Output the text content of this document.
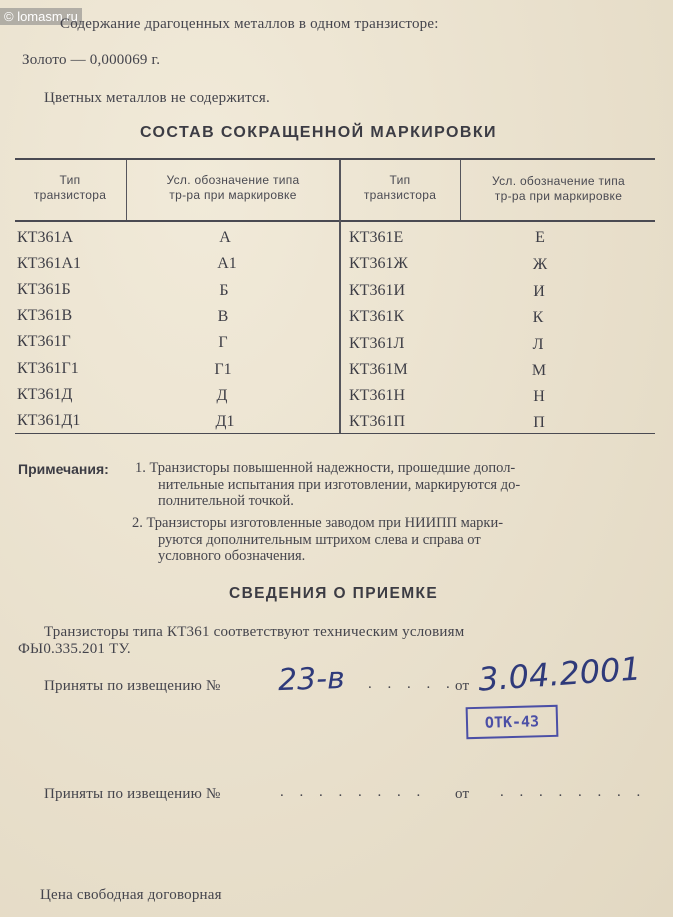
© lomasm.ru
Содержание драгоценных металлов в одном транзисторе:
Золото — 0,000069 г.
Цветных металлов не содержится.
СОСТАВ СОКРАЩЕННОЙ МАРКИРОВКИ
Тип
транзистора
Усл. обозначение типа
тр-ра при маркировке
Тип
транзистора
Усл. обозначение типа
тр-ра при маркировке
КТ361А	А	КТ361Е	Е
КТ361А1	А1	КТ361Ж	Ж
КТ361Б	Б	КТ361И	И
КТ361В	В	КТ361К	К
КТ361Г	Г	КТ361Л	Л
КТ361Г1	Г1	КТ361М	М
КТ361Д	Д	КТ361Н	Н
КТ361Д1	Д1	КТ361П	П
Примечания: 1. Транзисторы повышенной надежности, прошедшие допол-
нительные испытания при изготовлении, маркируются до-
полнительной точкой.
2. Транзисторы изготовленные заводом при НИИПП марки-
руются дополнительным штрихом слева и справа от
условного обозначения.
СВЕДЕНИЯ О ПРИЕМКЕ
Транзисторы типа КТ361 соответствуют техническим условиям
ФЫ0.335.201 ТУ.
Приняты по извещению № 23-в . . . . . от 3.04.2001
ОТК-43
Приняты по извещению №	. . . . . . . . от . . . . . . . .
Цена свободная договорная
